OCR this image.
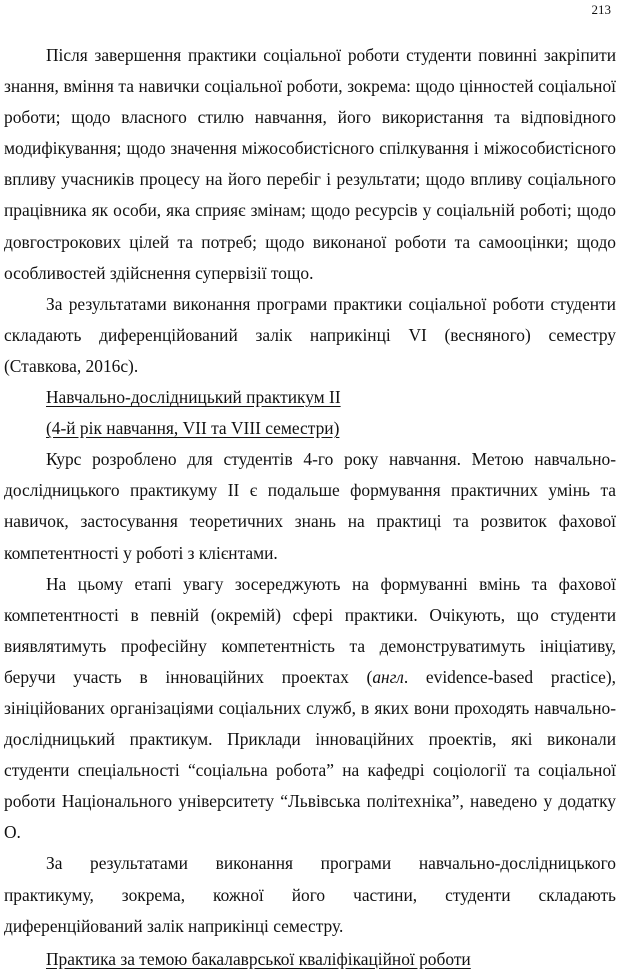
213

Після завершення практики соціальної роботи студенти повинні закріпити знання, вміння та навички соціальної роботи, зокрема: щодо цінностей соціальної роботи; щодо власного стилю навчання, його використання та відповідного модифікування; щодо значення міжособистісного спілкування і міжособистісного впливу учасників процесу на його перебіг і результати; щодо впливу соціального працівника як особи, яка сприяє змінам; щодо ресурсів у соціальній роботі; щодо довгострокових цілей та потреб; щодо виконаної роботи та самооцінки; щодо особливостей здійснення супервізії тощо.

За результатами виконання програми практики соціальної роботи студенти складають диференційований залік наприкінці VI (весняного) семестру (Ставкова, 2016c).

Навчально-дослідницький практикум II

(4-й рік навчання, VII та VIII семестри)

Курс розроблено для студентів 4-го року навчання. Метою навчально-дослідницького практикуму II є подальше формування практичних умінь та навичок, застосування теоретичних знань на практиці та розвиток фахової компетентності у роботі з клієнтами.

На цьому етапі увагу зосереджують на формуванні вмінь та фахової компетентності в певній (окремій) сфері практики. Очікують, що студенти виявлятимуть професійну компетентність та демонструватимуть ініціативу, беручи участь в інноваційних проектах (англ. evidence-based practice), зініційованих організаціями соціальних служб, в яких вони проходять навчально-дослідницький практикум. Приклади інноваційних проектів, які виконали студенти спеціальності “соціальна робота” на кафедрі соціології та соціальної роботи Національного університету “Львівська політехніка”, наведено у додатку О.

За результатами виконання програми навчально-дослідницького практикуму, зокрема, кожної його частини, студенти складають диференційований залік наприкінці семестру.

Практика за темою бакалаврської кваліфікаційної роботи
